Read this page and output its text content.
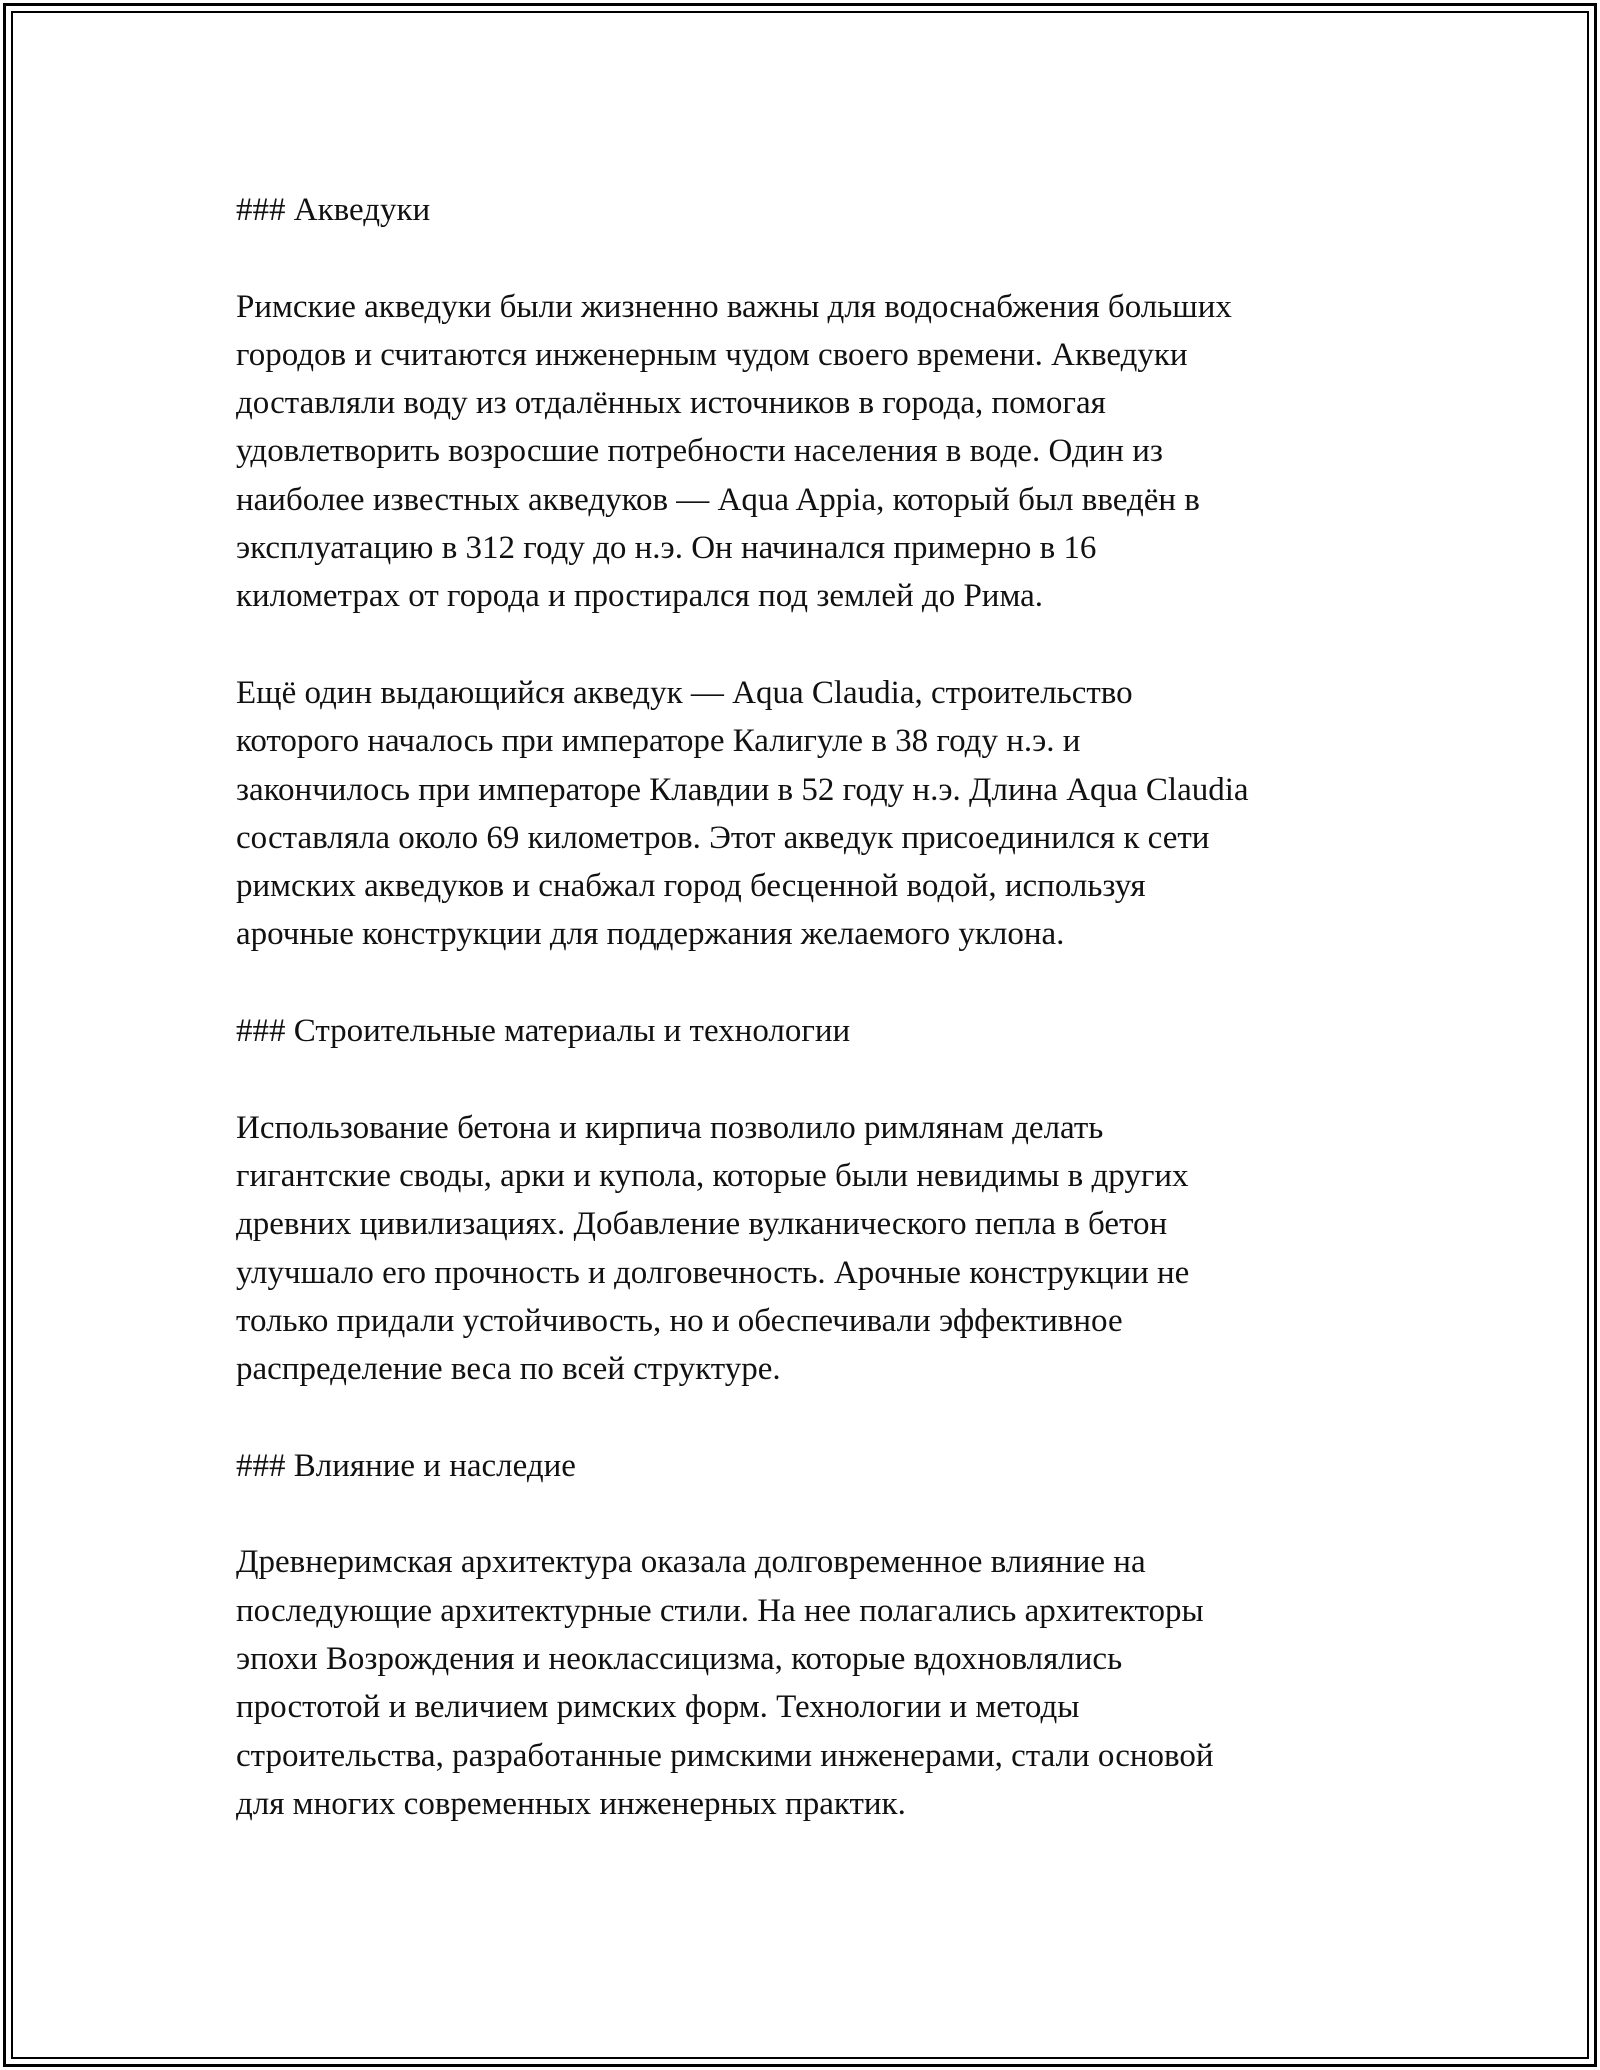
### Акведуки

Римские акведуки были жизненно важны для водоснабжения больших
городов и считаются инженерным чудом своего времени. Акведуки
доставляли воду из отдалённых источников в города, помогая
удовлетворить возросшие потребности населения в воде. Один из
наиболее известных акведуков — Aqua Appia, который был введён в
эксплуатацию в 312 году до н.э. Он начинался примерно в 16
километрах от города и простирался под землей до Рима.

Ещё один выдающийся акведук — Aqua Claudia, строительство
которого началось при императоре Калигуле в 38 году н.э. и
закончилось при императоре Клавдии в 52 году н.э. Длина Aqua Claudia
составляла около 69 километров. Этот акведук присоединился к сети
римских акведуков и снабжал город бесценной водой, используя
арочные конструкции для поддержания желаемого уклона.

### Строительные материалы и технологии

Использование бетона и кирпича позволило римлянам делать
гигантские своды, арки и купола, которые были невидимы в других
древних цивилизациях. Добавление вулканического пепла в бетон
улучшало его прочность и долговечность. Арочные конструкции не
только придали устойчивость, но и обеспечивали эффективное
распределение веса по всей структуре.

### Влияние и наследие

Древнеримская архитектура оказала долговременное влияние на
последующие архитектурные стили. На нее полагались архитекторы
эпохи Возрождения и неоклассицизма, которые вдохновлялись
простотой и величием римских форм. Технологии и методы
строительства, разработанные римскими инженерами, стали основой
для многих современных инженерных практик.
